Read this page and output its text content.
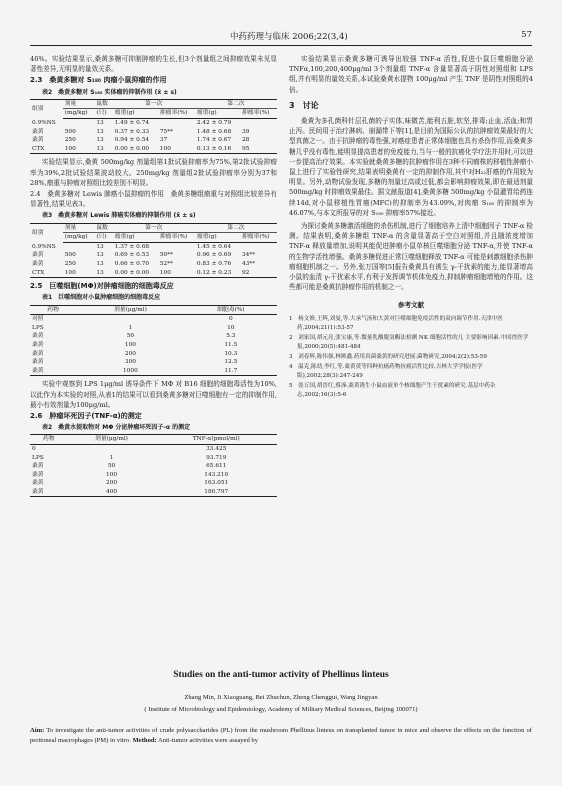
中药药理与临床 2006;22(3,4)	57

46%。实验结果显示,桑黄多糖可抑制肿瘤的生长,但3个剂量组之间抑瘤效果未见显著性差异,无明显的量效关系。

2.3　桑黄多糖对 S₁₈₀ 肉瘤小鼠抑瘤的作用
表2　桑黄多糖对 S₁₈₀ 实体瘤的抑制作用 (x̄ ± s)
组别	剂量	鼠数	第一次		第二次	
	(mg/kg)	(只)	瘤重(g)	抑瘤率(%)	瘤重(g)	抑瘤率(%)
0.9%NS		13	1.49 ± 0.74		2.42 ± 0.79	
桑黄	500	13	0.37 ± 0.33	75**	1.48 ± 0.68	39
桑黄	250	13	0.94 ± 0.54	37	1.74 ± 0.67	28
CTX	100	13	0.00 ± 0.00	100	0.13 ± 0.16	95

实验结果显示,桑黄 500mg/kg 剂量组第1批试验抑瘤率为75%,第2批试验抑瘤率为39%,2批试验结果波动较大。250mg/kg 剂量组2批试验抑瘤率分别为37和28%,瘤重与肿瘤对照组比较差别不明显。

2.4　桑黄多糖对 Lewis 肺癌小鼠抑瘤的作用　桑黄多糖组瘤重与对照组比较差异有显著性,结果见表3。

表3　桑黄多糖对 Lewis 肺癌实体瘤的抑制作用 (x̄ ± s)
组别	剂量	鼠数	第一次		第二次	
	(mg/kg)	(只)	瘤重(g)	抑瘤率(%)	瘤重(g)	抑瘤率(%)
0.9%NS		13	1.37 ± 0.68		1.45 ± 0.64	
桑黄	500	13	0.69 ± 0.53	50**	0.96 ± 0.69	34**
桑黄	250	13	0.66 ± 0.70	52**	0.83 ± 0.76	43**
CTX	100	13	0.00 ± 0.00	100	0.12 ± 0.23	92
2.5　巨噬细胞(MΦ)对肿瘤细胞的细胞毒反应
表1　巨噬细胞对小鼠肿瘤细胞的细胞毒反应
药物	剂量(μg/ml)	细胞毒(%)
对照		0
LPS	1	10
桑黄	50	5.3
桑黄	100	11.5
桑黄	200	10.3
桑黄	300	12.5
桑黄	1000	11.7

实验中观察到 LPS 1μg/ml 诱导条件下 MΦ 对 B16 细胞的细胞毒活性为10%,以此作为本实验的对照,从表1的结果可以看到桑黄多糖对巨噬细胞有一定的抑制作用,最小有效剂量为100μg/ml。

2.6　肿瘤坏死因子(TNF-α)的测定
表2　桑黄水提取物对 MΦ 分泌肿瘤坏死因子-α 的测定
药物	剂量(μg/ml)	TNF-α(pmol/ml)
0		33.425
LPS	1	93.719
桑黄	50	65.611
桑黄	100	143.210
桑黄	200	163.051
桑黄	400	180.797

实验结果显示桑黄多糖可诱导出较强 TNF-α 活性,促进小鼠巨噬细胞分泌 TNFα,100,200,400μg/ml 3个剂量组 TNF-α 含量显著高于阴性对照组和 LPS 组,并有明显的量效关系,本试验桑黄水提物 100μg/ml 产生 TNF 是阴性对照组的4倍。

3　讨论

桑黄为多孔菌科针层孔菌的子实体,味微苦,能利五脏,软坚,排毒;止血,活血;和胃止泻。民间用于治疗淋病、崩漏带下等[1],是目前为国际公认的抗肿瘤效果最好的大型真菌之一。由于抗肿瘤的毒性强,对癌症患者正常体细胞也具有杀伤作用,而桑黄多糖几乎没有毒性,能明显提高患者的免疫能力,当与一般的抗癌化学疗法并用时,可以进一步提高治疗效果。本实验就桑黄多糖的抗肿瘤作用在3种不同瘤株的移植性肿瘤小鼠上进行了实验性研究,结果表明桑黄有一定的抑制作用,其中对H₂₂肝癌的作用较为明显。另外,动物试验发现,多糖的剂量过高或过低,都会影响抑瘤效果,即在最适剂量 500mg/kg 时抑瘤效果最佳。据文献报道[4],桑黄多糖 500mg/kg 小鼠灌胃给药连续14d,对小鼠移植性胃癌(MFC)的抑制率为43.09%,对肉瘤 S₁₈₀ 的抑制率为46.07%,与本文所报导的对 S₁₈₀ 抑瘤率57%接近。

为探讨桑黄多糖激活细胞的杀伤机制,进行了细胞培养上清中细胞因子 TNF-α 检测。结果表明,桑黄多糖组 TNF-α 的含量显著高于空白对照组,并且随浓度增加 TNF-α 释放量增加,说明其能促进肿瘤小鼠单核巨噬细胞分泌 TNF-α,并使 TNF-α 的生物学活性增强。桑黄多糖促进正常巨噬细胞释放 TNF-α 可能是刺激细胞杀伤肿瘤细胞机制之一。另外,张万国等[5]报告桑黄具有诱生 γ-干扰素的能力,能显著增高小鼠的血清 γ-干扰素水平,有利于发挥调节机体免疫力,抑制肿瘤细胞增殖的作用。这些都可能是桑黄抗肿瘤作用的机制之一。

参考文献
1　杨文修,王辉,刘曼,等.大承气汤和大黄对巨噬细胞免疫活性的双向调节作用.天津中医药,2004;21(1):53-57
2　刘家国,胡元亮,张宝康,等.微量乳酸脱氢酶法检测 NK 细胞活性的几 主要影响因素.中国兽医学报,2000;20(5):481-484
3　刘春辉,陈伟强,林厥鑫.药用真菌桑黄的研究进展.菌物研究,2004;2(2):53-59
4　温克,陈幼,李红,等.桑黄黄等四种抗癌药物抗癌活性比较.吉林大学学报(医学版),2002;28(3):247-249
5　张万国,胡晋红,蔡溱.桑黄诱生小鼠血液单个核细胞产生干扰素的研究.基层中药杂志,2002;16(3):5-6
Studies on the anti-tumor activity of Phellinus linteus
Zhang Min, Ji Xiaoguang, Bei Zhuchun, Zheng Chenggui, Wang Jingyan
( Institute of Microbiology and Epidemiology, Academy of Military Medical Sciences, Beijing 100071)
Aim: To investigate the anti-tumor activities of crude polysaccharides (PL) from the mushroom Phellinus linteus on transplanted tumor in mice and observe the effects on the function of peritoneal macrophages (PM) in vitro. Method: Anti-tumor activities were assayed by
